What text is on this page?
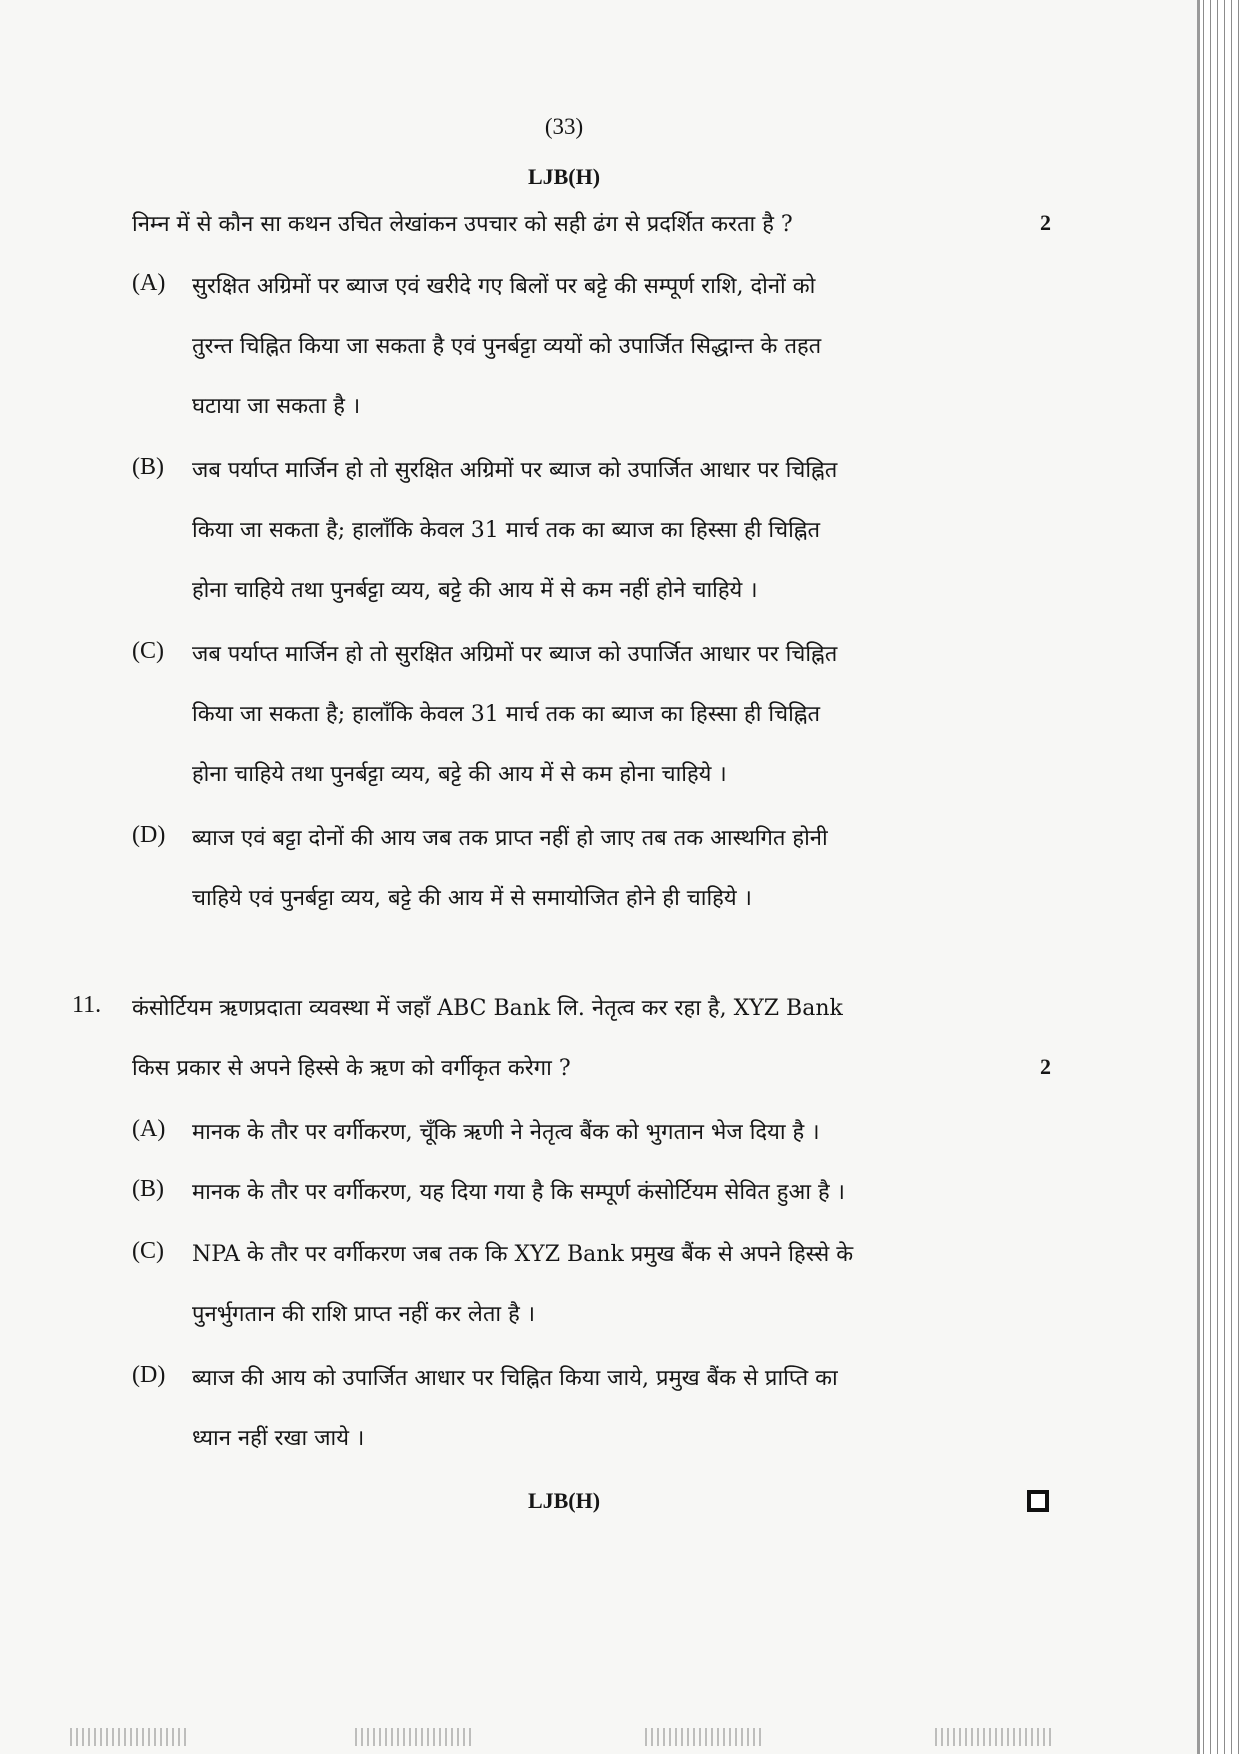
(33)
LJB(H)
निम्न में से कौन सा कथन उचित लेखांकन उपचार को सही ढंग से प्रदर्शित करता है ?	2
(A) सुरक्षित अग्रिमों पर ब्याज एवं खरीदे गए बिलों पर बट्टे की सम्पूर्ण राशि, दोनों को
तुरन्त चिह्नित किया जा सकता है एवं पुनर्बट्टा व्ययों को उपार्जित सिद्धान्त के तहत
घटाया जा सकता है ।
(B) जब पर्याप्त मार्जिन हो तो सुरक्षित अग्रिमों पर ब्याज को उपार्जित आधार पर चिह्नित
किया जा सकता है; हालाँकि केवल 31 मार्च तक का ब्याज का हिस्सा ही चिह्नित
होना चाहिये तथा पुनर्बट्टा व्यय, बट्टे की आय में से कम नहीं होने चाहिये ।
(C) जब पर्याप्त मार्जिन हो तो सुरक्षित अग्रिमों पर ब्याज को उपार्जित आधार पर चिह्नित
किया जा सकता है; हालाँकि केवल 31 मार्च तक का ब्याज का हिस्सा ही चिह्नित
होना चाहिये तथा पुनर्बट्टा व्यय, बट्टे की आय में से कम होना चाहिये ।
(D) ब्याज एवं बट्टा दोनों की आय जब तक प्राप्त नहीं हो जाए तब तक आस्थगित होनी
चाहिये एवं पुनर्बट्टा व्यय, बट्टे की आय में से समायोजित होने ही चाहिये ।
11. कंसोर्टियम ऋणप्रदाता व्यवस्था में जहाँ ABC Bank लि. नेतृत्व कर रहा है, XYZ Bank
किस प्रकार से अपने हिस्से के ऋण को वर्गीकृत करेगा ?	2
(A) मानक के तौर पर वर्गीकरण, चूँकि ऋणी ने नेतृत्व बैंक को भुगतान भेज दिया है ।
(B) मानक के तौर पर वर्गीकरण, यह दिया गया है कि सम्पूर्ण कंसोर्टियम सेवित हुआ है ।
(C) NPA के तौर पर वर्गीकरण जब तक कि XYZ Bank प्रमुख बैंक से अपने हिस्से के
पुनर्भुगतान की राशि प्राप्त नहीं कर लेता है ।
(D) ब्याज की आय को उपार्जित आधार पर चिह्नित किया जाये, प्रमुख बैंक से प्राप्ति का
ध्यान नहीं रखा जाये ।
LJB(H)
